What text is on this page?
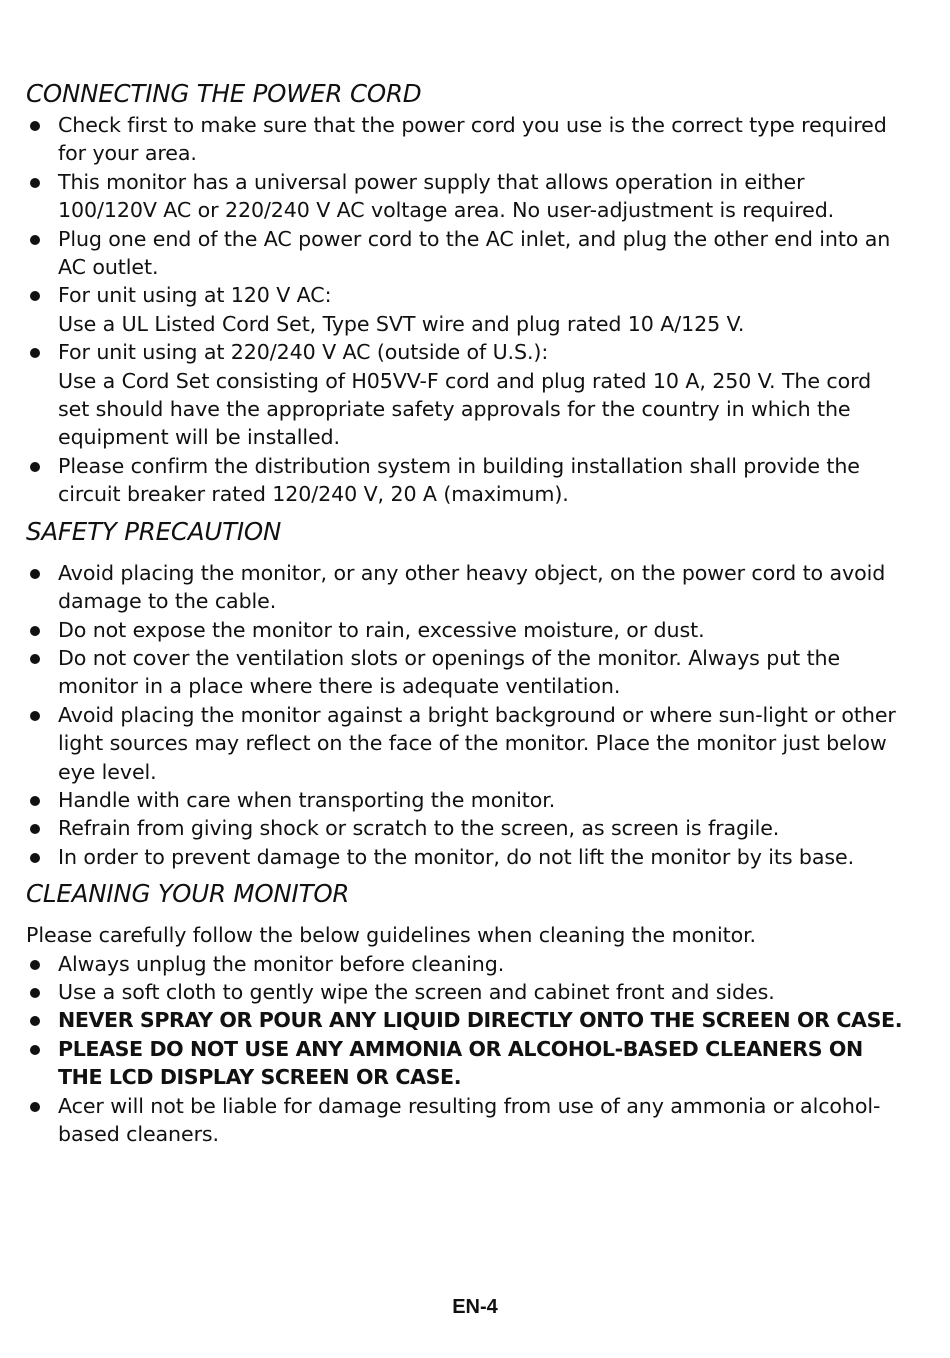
CONNECTING THE POWER CORD
Check first to make sure that the power cord you use is the correct type required for your area.
This monitor has a universal power supply that allows operation in either 100/120V AC or 220/240 V AC voltage area. No user-adjustment is required.
Plug one end of the AC power cord to the AC inlet, and plug the other end into an AC outlet.
For unit using at 120 V AC:
Use a UL Listed Cord Set, Type SVT wire and plug rated 10 A/125 V.
For unit using at 220/240 V AC (outside of U.S.):
Use a Cord Set consisting of H05VV-F cord and plug rated 10 A, 250 V. The cord set should have the appropriate safety approvals for the country in which the equipment will be installed.
Please confirm the distribution system in building installation shall provide the circuit breaker rated 120/240 V, 20 A (maximum).
SAFETY PRECAUTION
Avoid placing the monitor, or any other heavy object, on the power cord to avoid damage to the cable.
Do not expose the monitor to rain, excessive moisture, or dust.
Do not cover the ventilation slots or openings of the monitor. Always put the monitor in a place where there is adequate ventilation.
Avoid placing the monitor against a bright background or where sun-light or other light sources may reflect on the face of the monitor. Place the monitor just below eye level.
Handle with care when transporting the monitor.
Refrain from giving shock or scratch to the screen, as screen is fragile.
In order to prevent damage to the monitor, do not lift the monitor by its base.
CLEANING YOUR MONITOR

Please carefully follow the below guidelines when cleaning the monitor.

Always unplug the monitor before cleaning.
Use a soft cloth to gently wipe the screen and cabinet front and sides.
NEVER SPRAY OR POUR ANY LIQUID DIRECTLY ONTO THE SCREEN OR CASE.
PLEASE DO NOT USE ANY AMMONIA OR ALCOHOL-BASED CLEANERS ON THE LCD DISPLAY SCREEN OR CASE.
Acer will not be liable for damage resulting from use of any ammonia or alcohol-based cleaners.
EN-4
